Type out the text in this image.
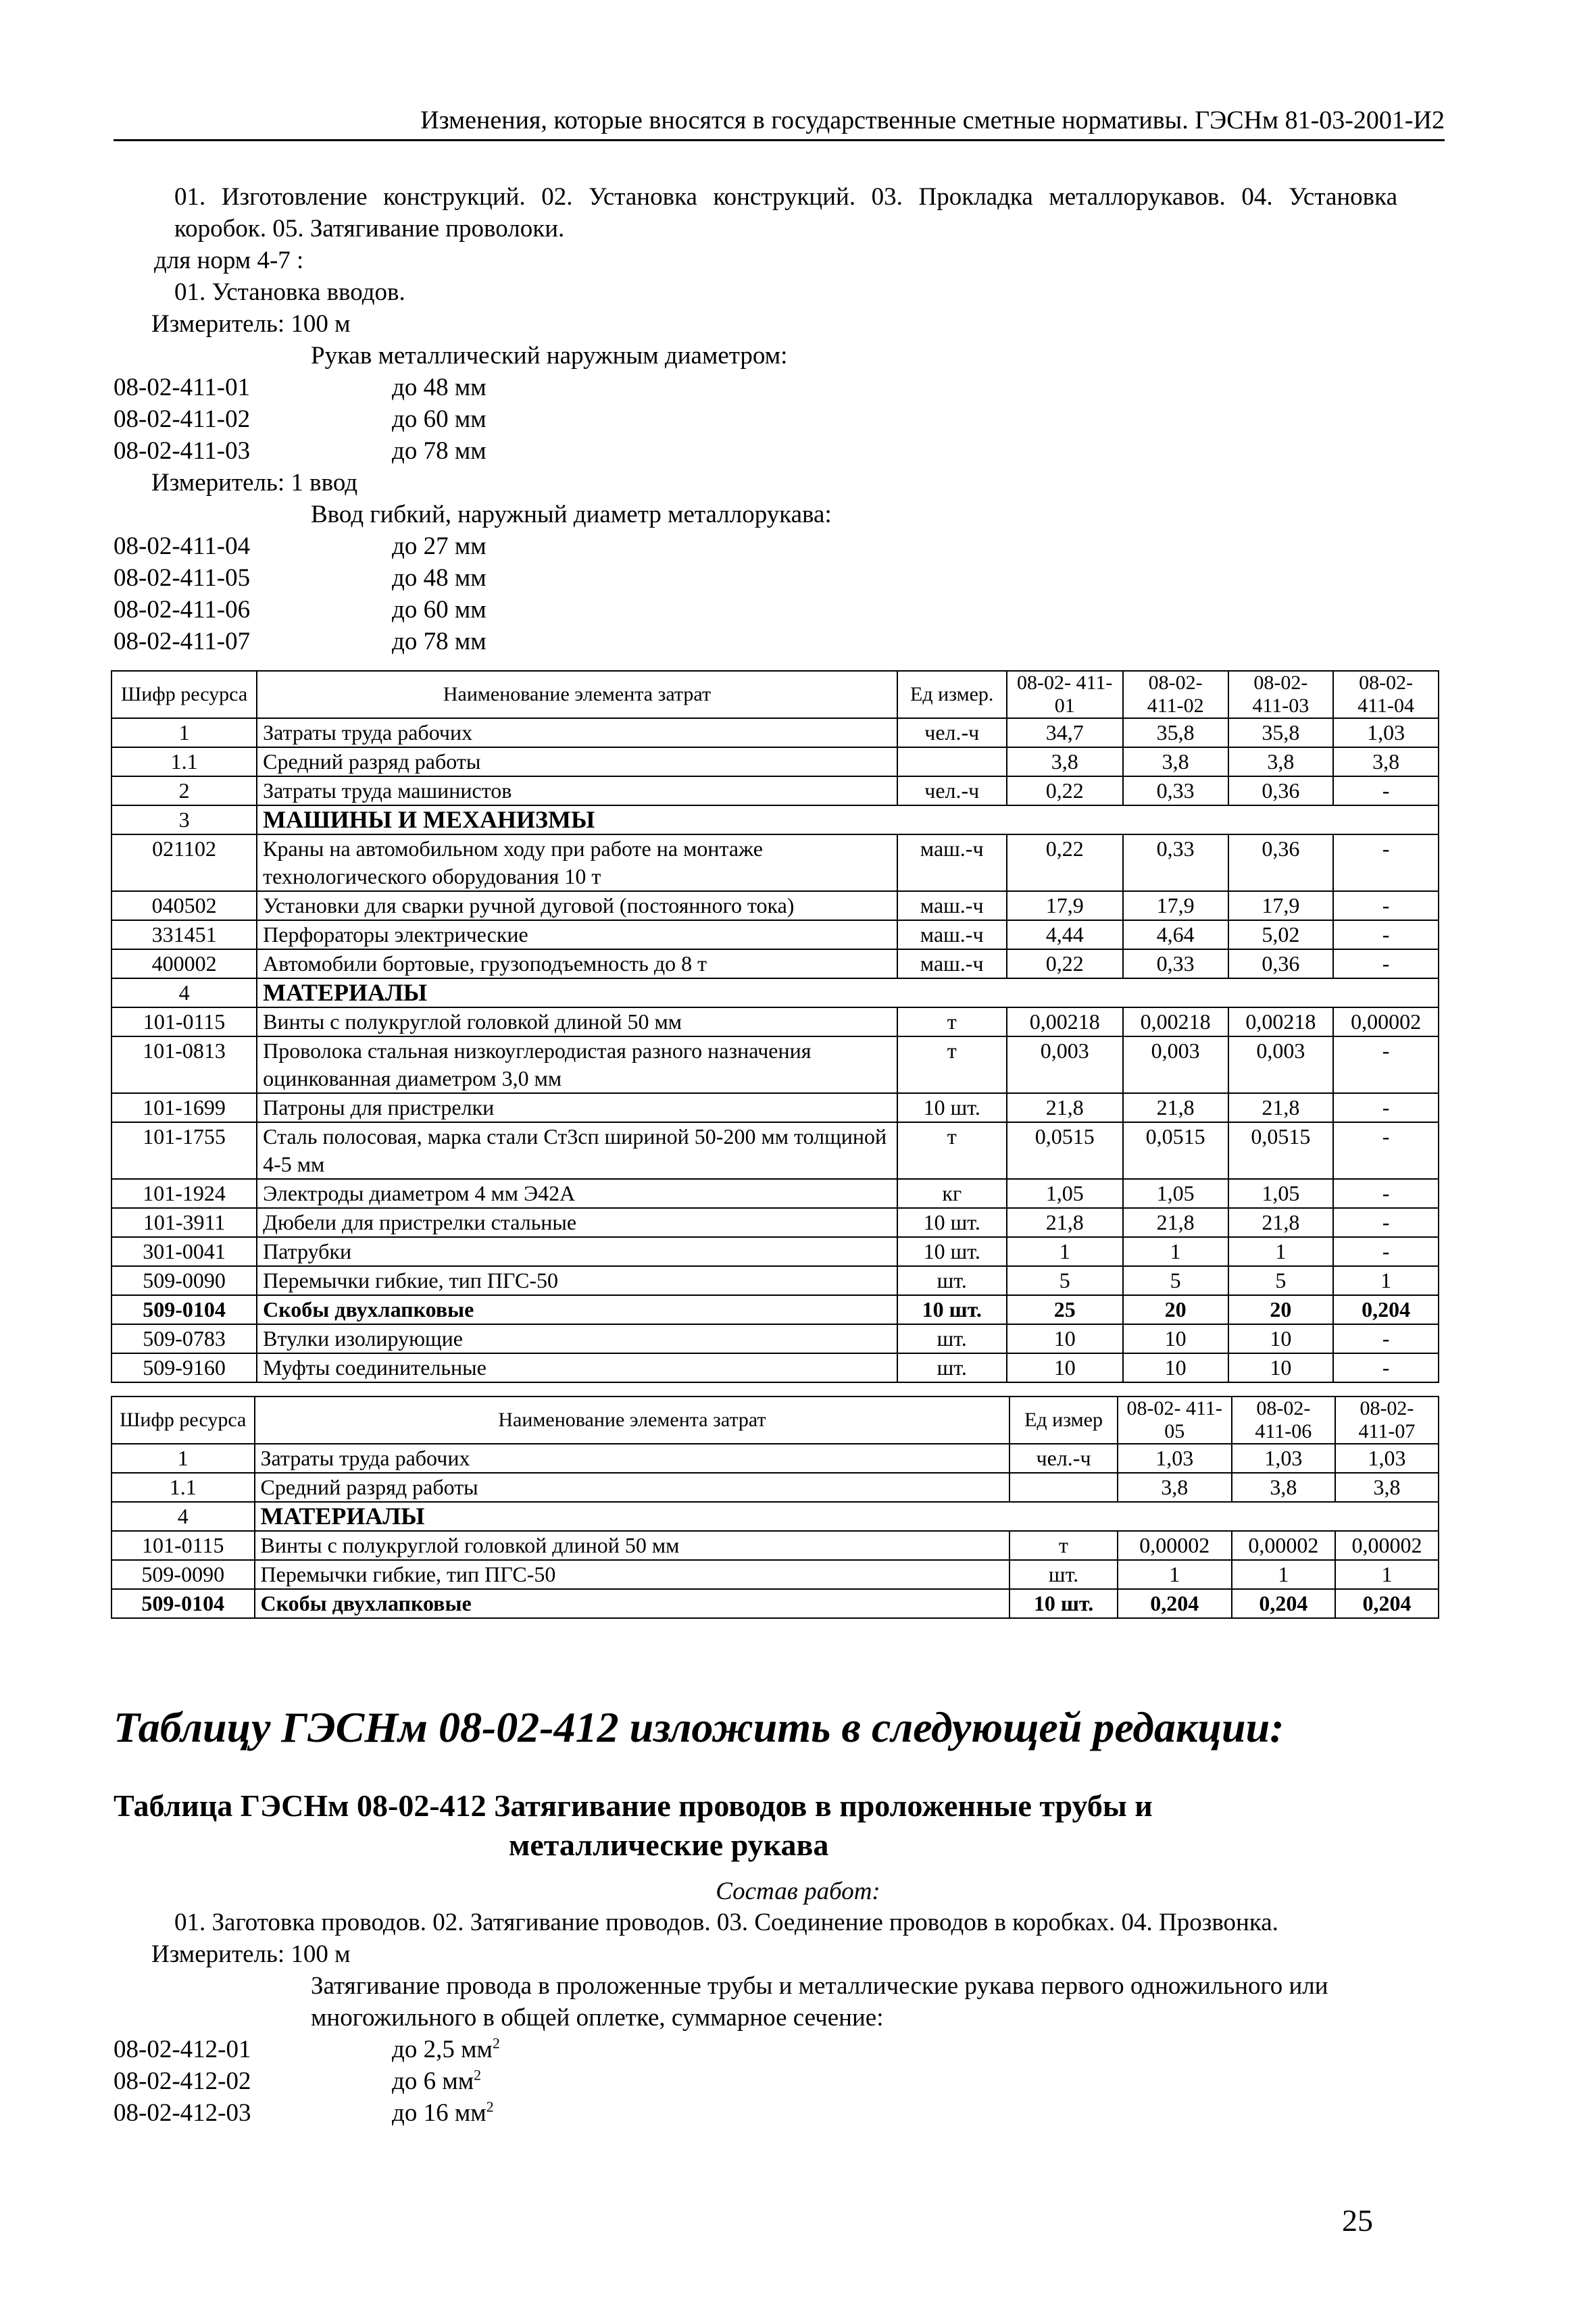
Изменения, которые вносятся в государственные сметные нормативы. ГЭСНм 81-03-2001-И2

01. Изготовление конструкций. 02. Установка конструкций. 03. Прокладка металлорукавов. 04. Установка коробок. 05. Затягивание проволоки.

для норм 4-7 :
01. Установка вводов.
Измеритель: 100 м
Рукав металлический наружным диаметром:
08-02-411-01	до 48 мм
08-02-411-02	до 60 мм
08-02-411-03	до 78 мм
Измеритель: 1 ввод
Ввод гибкий, наружный диаметр металлорукава:
08-02-411-04	до 27 мм
08-02-411-05	до 48 мм
08-02-411-06	до 60 мм
08-02-411-07	до 78 мм
Шифр ресурса	Наименование элемента затрат	Ед измер.	08-02- 411-01	08-02- 411-02	08-02- 411-03	08-02- 411-04
1	Затраты труда рабочих	чел.-ч	34,7	35,8	35,8	1,03
1.1	Средний разряд работы		3,8	3,8	3,8	3,8
2	Затраты труда машинистов	чел.-ч	0,22	0,33	0,36	-
3	МАШИНЫ И МЕХАНИЗМЫ					
021102	Краны на автомобильном ходу при работе на монтаже технологического оборудования 10 т	маш.-ч	0,22	0,33	0,36	-
040502	Установки для сварки ручной дуговой (постоянного тока)	маш.-ч	17,9	17,9	17,9	-
331451	Перфораторы электрические	маш.-ч	4,44	4,64	5,02	-
400002	Автомобили бортовые, грузоподъемность до 8 т	маш.-ч	0,22	0,33	0,36	-
4	МАТЕРИАЛЫ					
101-0115	Винты с полукруглой головкой длиной 50 мм	т	0,00218	0,00218	0,00218	0,00002
101-0813	Проволока стальная низкоуглеродистая разного назначения оцинкованная диаметром 3,0 мм	т	0,003	0,003	0,003	-
101-1699	Патроны для пристрелки	10 шт.	21,8	21,8	21,8	-
101-1755	Сталь полосовая, марка стали Ст3сп шириной 50-200 мм толщиной 4-5 мм	т	0,0515	0,0515	0,0515	-
101-1924	Электроды диаметром 4 мм Э42А	кг	1,05	1,05	1,05	-
101-3911	Дюбели для пристрелки стальные	10 шт.	21,8	21,8	21,8	-
301-0041	Патрубки	10 шт.	1	1	1	-
509-0090	Перемычки гибкие, тип ПГС-50	шт.	5	5	5	1
509-0104	Скобы двухлапковые	10 шт.	25	20	20	0,204
509-0783	Втулки изолирующие	шт.	10	10	10	-
509-9160	Муфты соединительные	шт.	10	10	10	-
Шифр ресурса	Наименование элемента затрат	Ед измер	08-02- 411-05	08-02- 411-06	08-02- 411-07
1	Затраты труда рабочих	чел.-ч	1,03	1,03	1,03
1.1	Средний разряд работы		3,8	3,8	3,8
4	МАТЕРИАЛЫ				
101-0115	Винты с полукруглой головкой длиной 50 мм	т	0,00002	0,00002	0,00002
509-0090	Перемычки гибкие, тип ПГС-50	шт.	1	1	1
509-0104	Скобы двухлапковые	10 шт.	0,204	0,204	0,204
Таблицу ГЭСНм 08-02-412 изложить в следующей редакции:
Таблица ГЭСНм 08-02-412 Затягивание проводов в проложенные трубы и
металлические рукава
Состав работ:

01. Заготовка проводов. 02. Затягивание проводов. 03. Соединение проводов в коробках. 04. Прозвонка.

Измеритель: 100 м
Затягивание провода в проложенные трубы и металлические рукава первого одножильного или многожильного в общей оплетке, суммарное сечение:
08-02-412-01	до 2,5 $мм^2$
08-02-412-02	до 6 $мм^2$
08-02-412-03	до 16 $мм^2$
25
